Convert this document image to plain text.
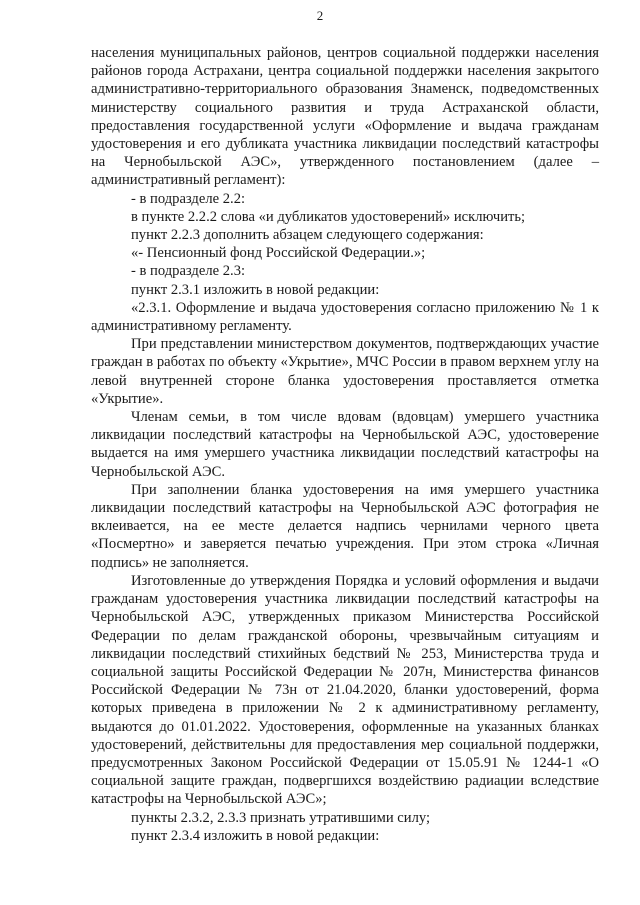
2

населения муниципальных районов, центров социальной поддержки населения районов города Астрахани, центра социальной поддержки населения закрытого административно-территориального образования Знаменск, подведомственных министерству социального развития и труда Астраханской области, предоставления государственной услуги «Оформление и выдача гражданам удостоверения и его дубликата участника ликвидации последствий катастрофы на Чернобыльской АЭС», утвержденного постановлением (далее – административный регламент):

- в подразделе 2.2:

в пункте 2.2.2 слова «и дубликатов удостоверений» исключить;

пункт 2.2.3 дополнить абзацем следующего содержания:

«- Пенсионный фонд Российской Федерации.»;

- в подразделе 2.3:

пункт 2.3.1 изложить в новой редакции:

«2.3.1. Оформление и выдача удостоверения согласно приложению № 1 к административному регламенту.

При представлении министерством документов, подтверждающих участие граждан в работах по объекту «Укрытие», МЧС России в правом верхнем углу на левой внутренней стороне бланка удостоверения проставляется отметка «Укрытие».

Членам семьи, в том числе вдовам (вдовцам) умершего участника ликвидации последствий катастрофы на Чернобыльской АЭС, удостоверение выдается на имя умершего участника ликвидации последствий катастрофы на Чернобыльской АЭС.

При заполнении бланка удостоверения на имя умершего участника ликвидации последствий катастрофы на Чернобыльской АЭС фотография не вклеивается, на ее месте делается надпись чернилами черного цвета «Посмертно» и заверяется печатью учреждения. При этом строка «Личная подпись» не заполняется.

Изготовленные до утверждения Порядка и условий оформления и выдачи гражданам удостоверения участника ликвидации последствий катастрофы на Чернобыльской АЭС, утвержденных приказом Министерства Российской Федерации по делам гражданской обороны, чрезвычайным ситуациям и ликвидации последствий стихийных бедствий № 253, Министерства труда и социальной защиты Российской Федерации № 207н, Министерства финансов Российской Федерации № 73н от 21.04.2020, бланки удостоверений, форма которых приведена в приложении № 2 к административному регламенту, выдаются до 01.01.2022. Удостоверения, оформленные на указанных бланках удостоверений, действительны для предоставления мер социальной поддержки, предусмотренных Законом Российской Федерации от 15.05.91 № 1244-1 «О социальной защите граждан, подвергшихся воздействию радиации вследствие катастрофы на Чернобыльской АЭС»;

пункты 2.3.2, 2.3.3 признать утратившими силу;

пункт 2.3.4 изложить в новой редакции:
